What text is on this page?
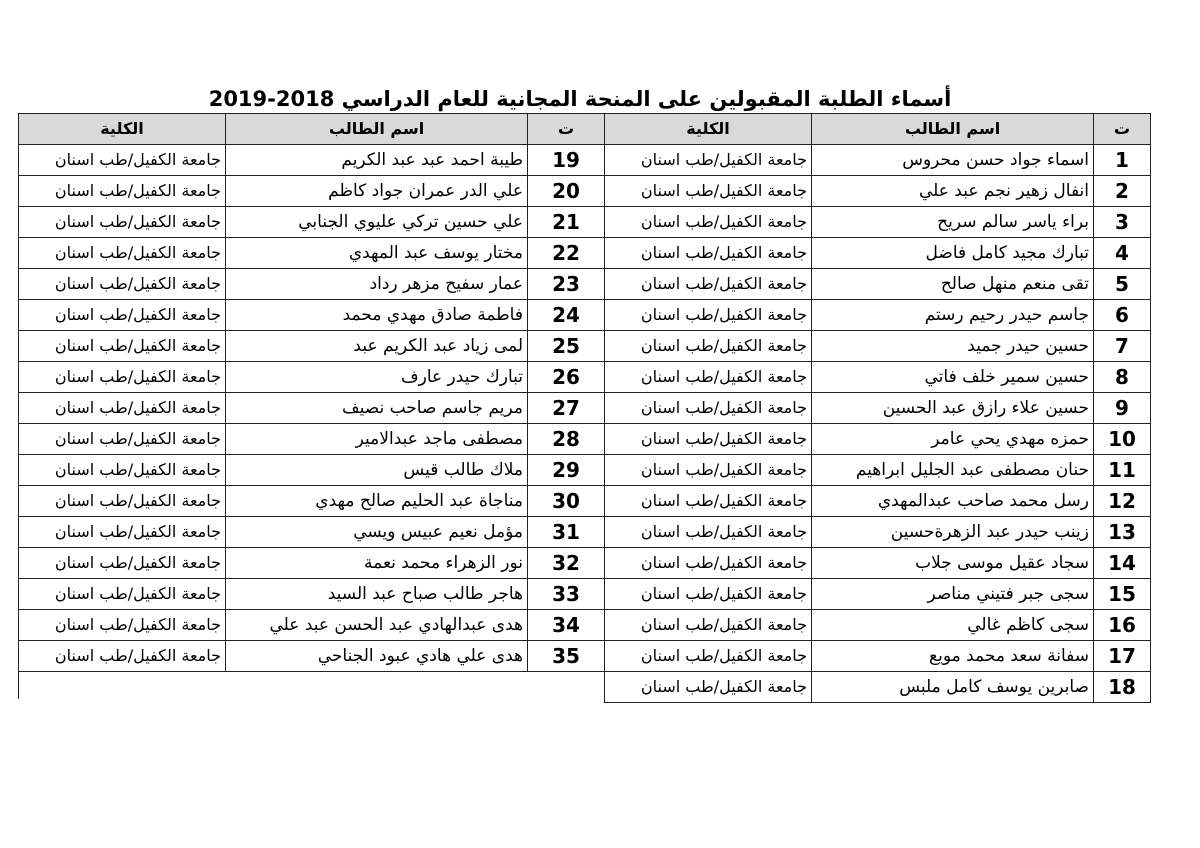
أسماء الطلبة المقبولين على المنحة المجانية للعام الدراسي 2018-2019
ت	اسم الطالب	الكلية
1	اسماء جواد حسن محروس	جامعة الكفيل/طب اسنان
2	انفال زهير نجم عبد علي	جامعة الكفيل/طب اسنان
3	براء ياسر سالم سريح	جامعة الكفيل/طب اسنان
4	تبارك مجيد كامل فاضل	جامعة الكفيل/طب اسنان
5	تقى منعم منهل صالح	جامعة الكفيل/طب اسنان
6	جاسم حيدر رحيم رستم	جامعة الكفيل/طب اسنان
7	حسين حيدر جميد	جامعة الكفيل/طب اسنان
8	حسين سمير خلف فاتي	جامعة الكفيل/طب اسنان
9	حسين علاء رازق عبد الحسين	جامعة الكفيل/طب اسنان
10	حمزه مهدي يحي عامر	جامعة الكفيل/طب اسنان
11	حنان مصطفى عبد الجليل ابراهيم	جامعة الكفيل/طب اسنان
12	رسل محمد صاحب عبدالمهدي	جامعة الكفيل/طب اسنان
13	زينب حيدر عبد الزهرةحسين	جامعة الكفيل/طب اسنان
14	سجاد عقيل موسى جلاب	جامعة الكفيل/طب اسنان
15	سجى جبر فتيني مناصر	جامعة الكفيل/طب اسنان
16	سجى كاظم غالي	جامعة الكفيل/طب اسنان
17	سفانة سعد محمد مويع	جامعة الكفيل/طب اسنان
18	صابرين يوسف كامل ملبس	جامعة الكفيل/طب اسنان
ت	اسم الطالب	الكلية
19	طيبة احمد عبد عبد الكريم	جامعة الكفيل/طب اسنان
20	علي الدر عمران جواد كاظم	جامعة الكفيل/طب اسنان
21	علي حسين تركي عليوي الجنابي	جامعة الكفيل/طب اسنان
22	مختار يوسف عبد المهدي	جامعة الكفيل/طب اسنان
23	عمار سفيح مزهر رداد	جامعة الكفيل/طب اسنان
24	فاطمة صادق مهدي محمد	جامعة الكفيل/طب اسنان
25	لمى زياد عبد الكريم عبد	جامعة الكفيل/طب اسنان
26	تبارك حيدر عارف	جامعة الكفيل/طب اسنان
27	مريم جاسم صاحب نصيف	جامعة الكفيل/طب اسنان
28	مصطفى ماجد عبدالامير	جامعة الكفيل/طب اسنان
29	ملاك طالب قيس	جامعة الكفيل/طب اسنان
30	مناجاة عبد الحليم صالح مهدي	جامعة الكفيل/طب اسنان
31	مؤمل نعيم عبيس ويسي	جامعة الكفيل/طب اسنان
32	نور الزهراء محمد نعمة	جامعة الكفيل/طب اسنان
33	هاجر طالب صباح عبد السيد	جامعة الكفيل/طب اسنان
34	هدى عبدالهادي عبد الحسن عبد علي	جامعة الكفيل/طب اسنان
35	هدى علي هادي عبود الجناحي	جامعة الكفيل/طب اسنان
